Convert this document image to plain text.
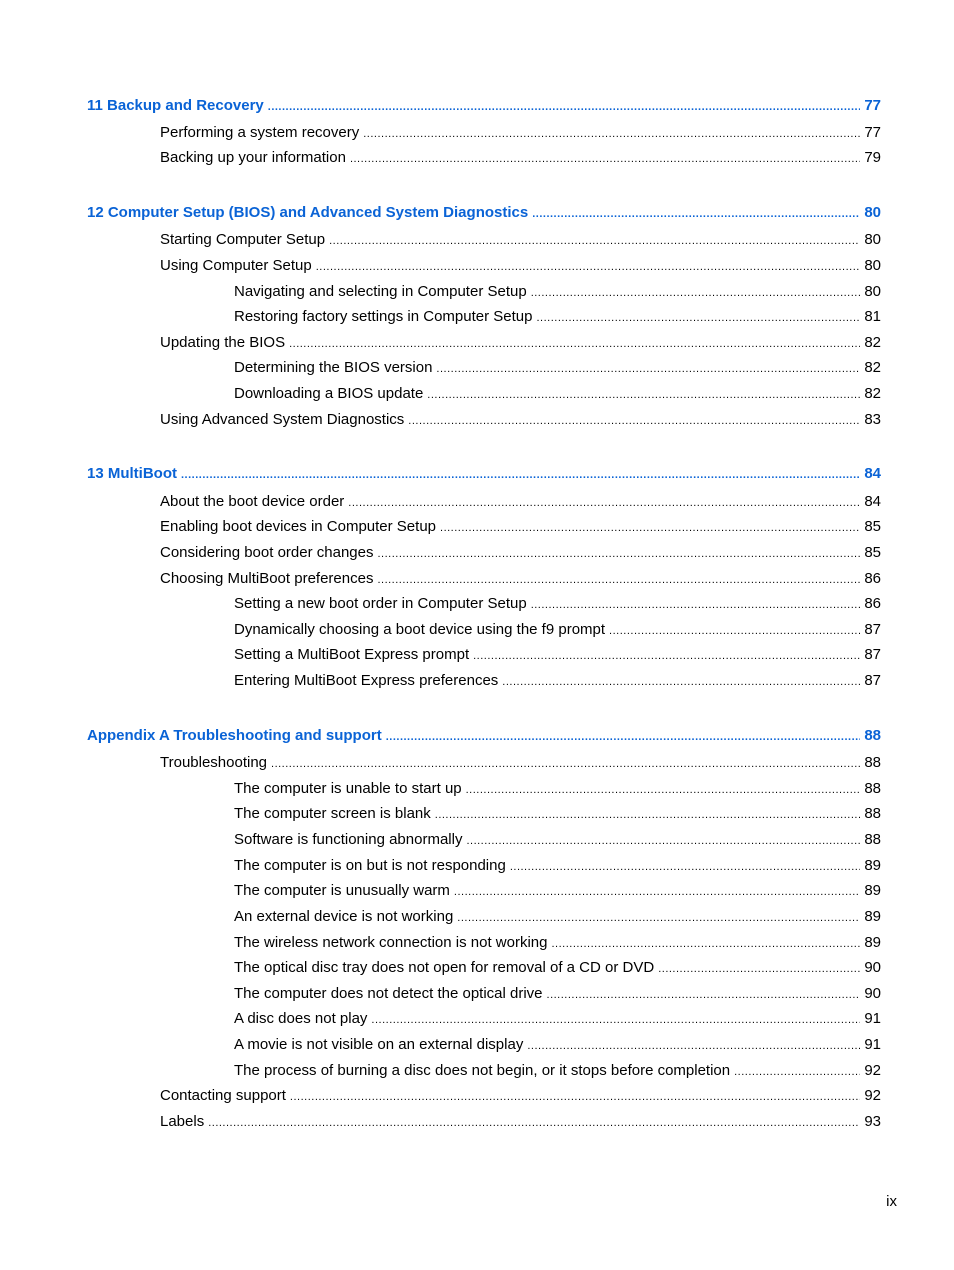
11 Backup and Recovery .....	77
Performing a system recovery .....	77
Backing up your information .....	79
12 Computer Setup (BIOS) and Advanced System Diagnostics .....	80
Starting Computer Setup .....	80
Using Computer Setup .....	80
Navigating and selecting in Computer Setup .....	80
Restoring factory settings in Computer Setup .....	81
Updating the BIOS .....	82
Determining the BIOS version .....	82
Downloading a BIOS update .....	82
Using Advanced System Diagnostics .....	83
13 MultiBoot .....	84
About the boot device order .....	84
Enabling boot devices in Computer Setup .....	85
Considering boot order changes .....	85
Choosing MultiBoot preferences .....	86
Setting a new boot order in Computer Setup .....	86
Dynamically choosing a boot device using the f9 prompt .....	87
Setting a MultiBoot Express prompt .....	87
Entering MultiBoot Express preferences .....	87
Appendix A Troubleshooting and support .....	88
Troubleshooting .....	88
The computer is unable to start up .....	88
The computer screen is blank .....	88
Software is functioning abnormally .....	88
The computer is on but is not responding .....	89
The computer is unusually warm .....	89
An external device is not working .....	89
The wireless network connection is not working .....	89
The optical disc tray does not open for removal of a CD or DVD .....	90
The computer does not detect the optical drive .....	90
A disc does not play .....	91
A movie is not visible on an external display .....	91
The process of burning a disc does not begin, or it stops before completion .....	92
Contacting support .....	92
Labels .....	93
ix
